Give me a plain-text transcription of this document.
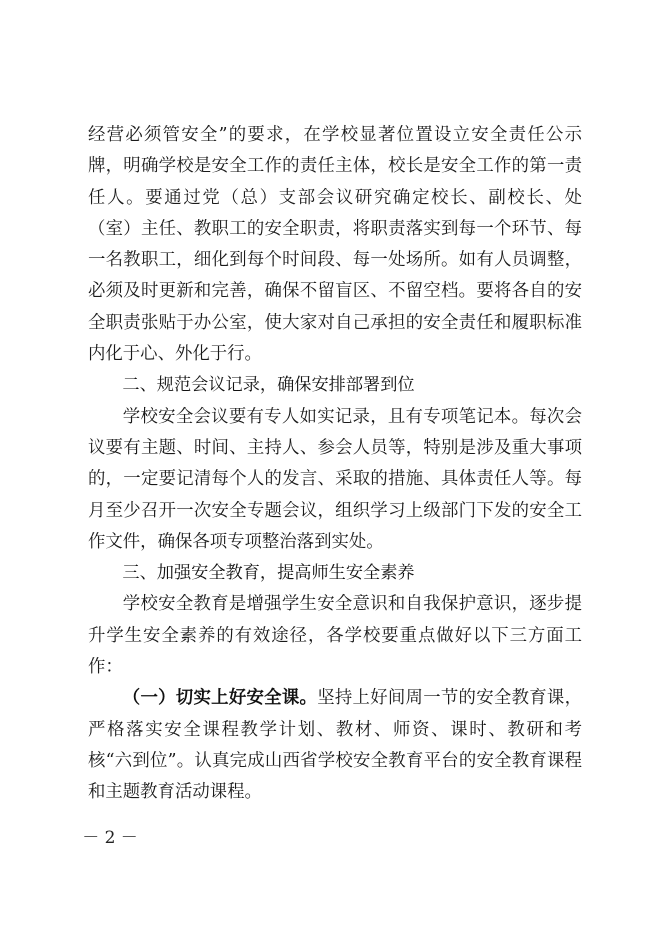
经营必须管安全”的要求，在学校显著位置设立安全责任公示牌，明确学校是安全工作的责任主体，校长是安全工作的第一责任人。要通过党（总）支部会议研究确定校长、副校长、处（室）主任、教职工的安全职责，将职责落实到每一个环节、每一名教职工，细化到每个时间段、每一处场所。如有人员调整，必须及时更新和完善，确保不留盲区、不留空档。要将各自的安全职责张贴于办公室，使大家对自己承担的安全责任和履职标准内化于心、外化于行。

二、规范会议记录，确保安排部署到位

学校安全会议要有专人如实记录，且有专项笔记本。每次会议要有主题、时间、主持人、参会人员等，特别是涉及重大事项的，一定要记清每个人的发言、采取的措施、具体责任人等。每月至少召开一次安全专题会议，组织学习上级部门下发的安全工作文件，确保各项专项整治落到实处。

三、加强安全教育，提高师生安全素养

学校安全教育是增强学生安全意识和自我保护意识，逐步提升学生安全素养的有效途径，各学校要重点做好以下三方面工作：

（一）切实上好安全课。坚持上好间周一节的安全教育课，严格落实安全课程教学计划、教材、师资、课时、教研和考核“六到位”。认真完成山西省学校安全教育平台的安全教育课程和主题教育活动课程。

－ 2 －
